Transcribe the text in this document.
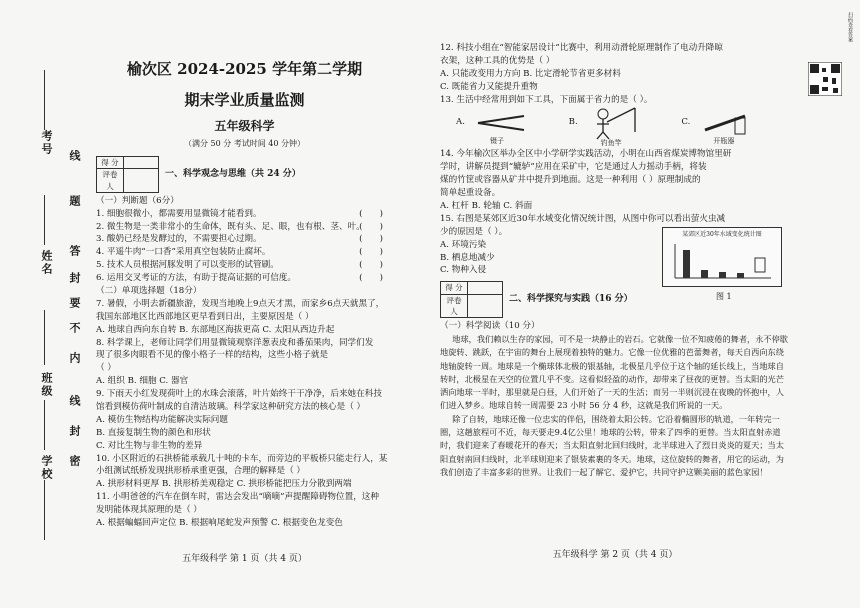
考号
线
题
姓名 答
封
要
不
内
班级
线
封
密
学校
榆次区 2024-2025 学年第二学期
期末学业质量监测
五年级科学
（满分 50 分 考试时间 40 分钟）
得 分	
评卷人	
一、科学观念与思维（共 24 分）

（一）判断题（6分）

1. 细胞很微小，都需要用显微镜才能看到。	(　　)

2. 微生物是一类非常小的生命体，既有头、足、眼，也有根、茎、叶。
(　　)

3. 酸奶已经是发酵过的，不需要担心过期。	(　　)

4. 平遥牛肉“一口香”采用真空包装防止腐坏。	(　　)

5. 技术人员根据河豚发明了可以变形的试管刷。	(　　)

6. 运用交叉考证的方法，有助于提高证据的可信度。	(　　)

（二）单项选择题（18分）

7. 暑假，小明去新疆旅游，发现当地晚上9点天才黑，而家乡6点天就黑了，

我国东部地区比西部地区更早看到日出，主要原因是（ ）

A. 地球自西向东自转 B. 东部地区海拔更高 C. 太阳从西边升起

8. 科学课上，老师让同学们用显微镜观察洋葱表皮和番茄果肉，同学们发

现了很多肉眼看不见的像小格子一样的结构，这些小格子就是

（ ）

A. 组织 B. 细胞 C. 器官

9. 下雨天小红发现荷叶上的水珠会滚落，叶片始终干干净净，后来她在科技

馆看到模仿荷叶制成的自清洁玻璃。科学家这种研究方法的核心是（ ）

A. 模仿生物结构功能解决实际问题

B. 直接复制生物的颜色和形状

C. 对比生物与非生物的差异

10. 小区附近的石拱桥能承载几十吨的卡车，而旁边的平板桥只能走行人，某

小组测试纸桥发现拱形桥承重更强，合理的解释是（ ）

A. 拱形材料更厚 B. 拱形桥美观稳定 C. 拱形桥能把压力分散到两端

11. 小明爸爸的汽车在倒车时，雷达会发出“嘀嘀”声提醒障碍物位置，这种

发明能体现其原理的是（ ）

A. 根据蝙蝠回声定位 B. 根据响尾蛇发声预警 C. 根据变色龙变色

五年级科学 第 1 页（共 4 页）

12. 科技小组在“智能家居设计”比赛中，利用动滑轮原理制作了电动升降晾

衣架，这种工具的优势是（ ）

A. 只能改变用力方向 B. 比定滑轮节省更多材料

C. 既能省力又能提升重物

13. 生活中经常用到如下工具，下面属于省力的是（ ）。

A.
镊子
B.
钓鱼竿
C.
开瓶器

14. 今年榆次区举办全区中小学研学实践活动，小明在山西省煤炭博物馆里研

学时，讲解员提到“辘轳”应用在采矿中，它是通过人力摇动手柄，将装

煤的竹筐或容器从矿井中提升到地面。这是一种利用（ ）原理制成的

简单起重设备。

A. 杠杆 B. 轮轴 C. 斜面

15. 右图是某郊区近30年水域变化情况统计图，从图中你可以看出萤火虫减

少的原因是（ ）。

A. 环境污染

B. 栖息地减少

C. 物种入侵

某郊区近30年水域变化统计图
图 1
得 分	
评卷人	
二、科学探究与实践（16 分）

（一）科学阅读（10 分）

地球，我们赖以生存的家园，可不是一块静止的岩石。它就像一位不知疲倦的舞者，永不停歇地旋转、跳跃，在宇宙的舞台上展现着独特的魅力。它像一位优雅的芭蕾舞者，每天自西向东绕地轴旋转一周。地球是一个椭球体北极的银基轴，北极星几乎位于这个轴的延长线上，当地球自转时，北极星在天空的位置几乎不变。这看似轻盈的动作，却带来了昼夜的更替。当太阳的光芒洒向地球一半时，那里就是白昼，人们开始了一天的生活；而另一半则沉浸在夜晚的怀抱中，人们进入梦乡。地球自转一周需要 23 小时 56 分 4 秒，这就是我们所说的一天。

除了自转，地球还像一位忠实的伴侣，围绕着太阳公转。它沿着椭圆形的轨道，一年转完一圈，这趟旅程可不近，每天要走9.4亿公里！地球的公转，带来了四季的更替。当太阳直射赤道时，我们迎来了春暖花开的春天；当太阳直射北回归线时，北半球进入了烈日炎炎的夏天；当太阳直射南回归线时，北半球则迎来了银装素裹的冬天。地球，这位旋转的舞者，用它的运动，为我们创造了丰富多彩的世界。让我们一起了解它、爱护它，共同守护这颗美丽的蓝色家园！

五年级科学 第 2 页（共 4 页）
扫码查看答案
